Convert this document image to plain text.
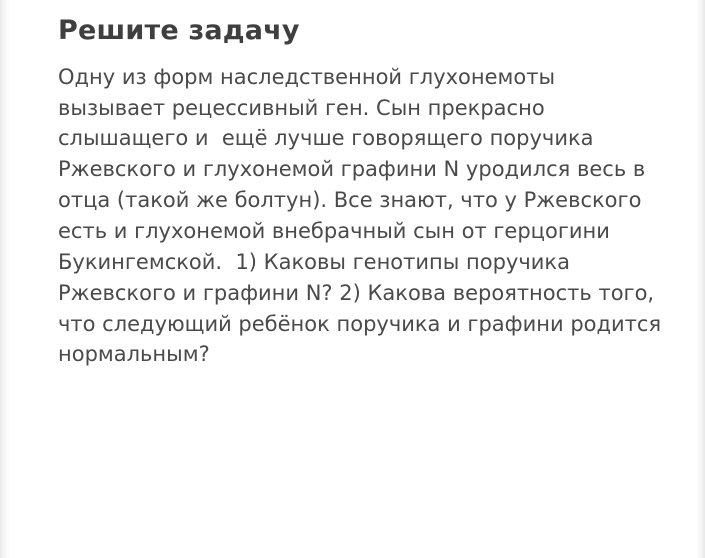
Решите задачу

Одну из форм наследственной глухонемоты вызывает рецессивный ген. Сын прекрасно слышащего и  ещё лучше говорящего поручика Ржевского и глухонемой графини N уродился весь в отца (такой же болтун). Все знают, что у Ржевского есть и глухонемой внебрачный сын от герцогини Букингемской.  1) Каковы генотипы поручика Ржевского и графини N? 2) Какова вероятность того, что следующий ребёнок поручика и графини родится нормальным?
